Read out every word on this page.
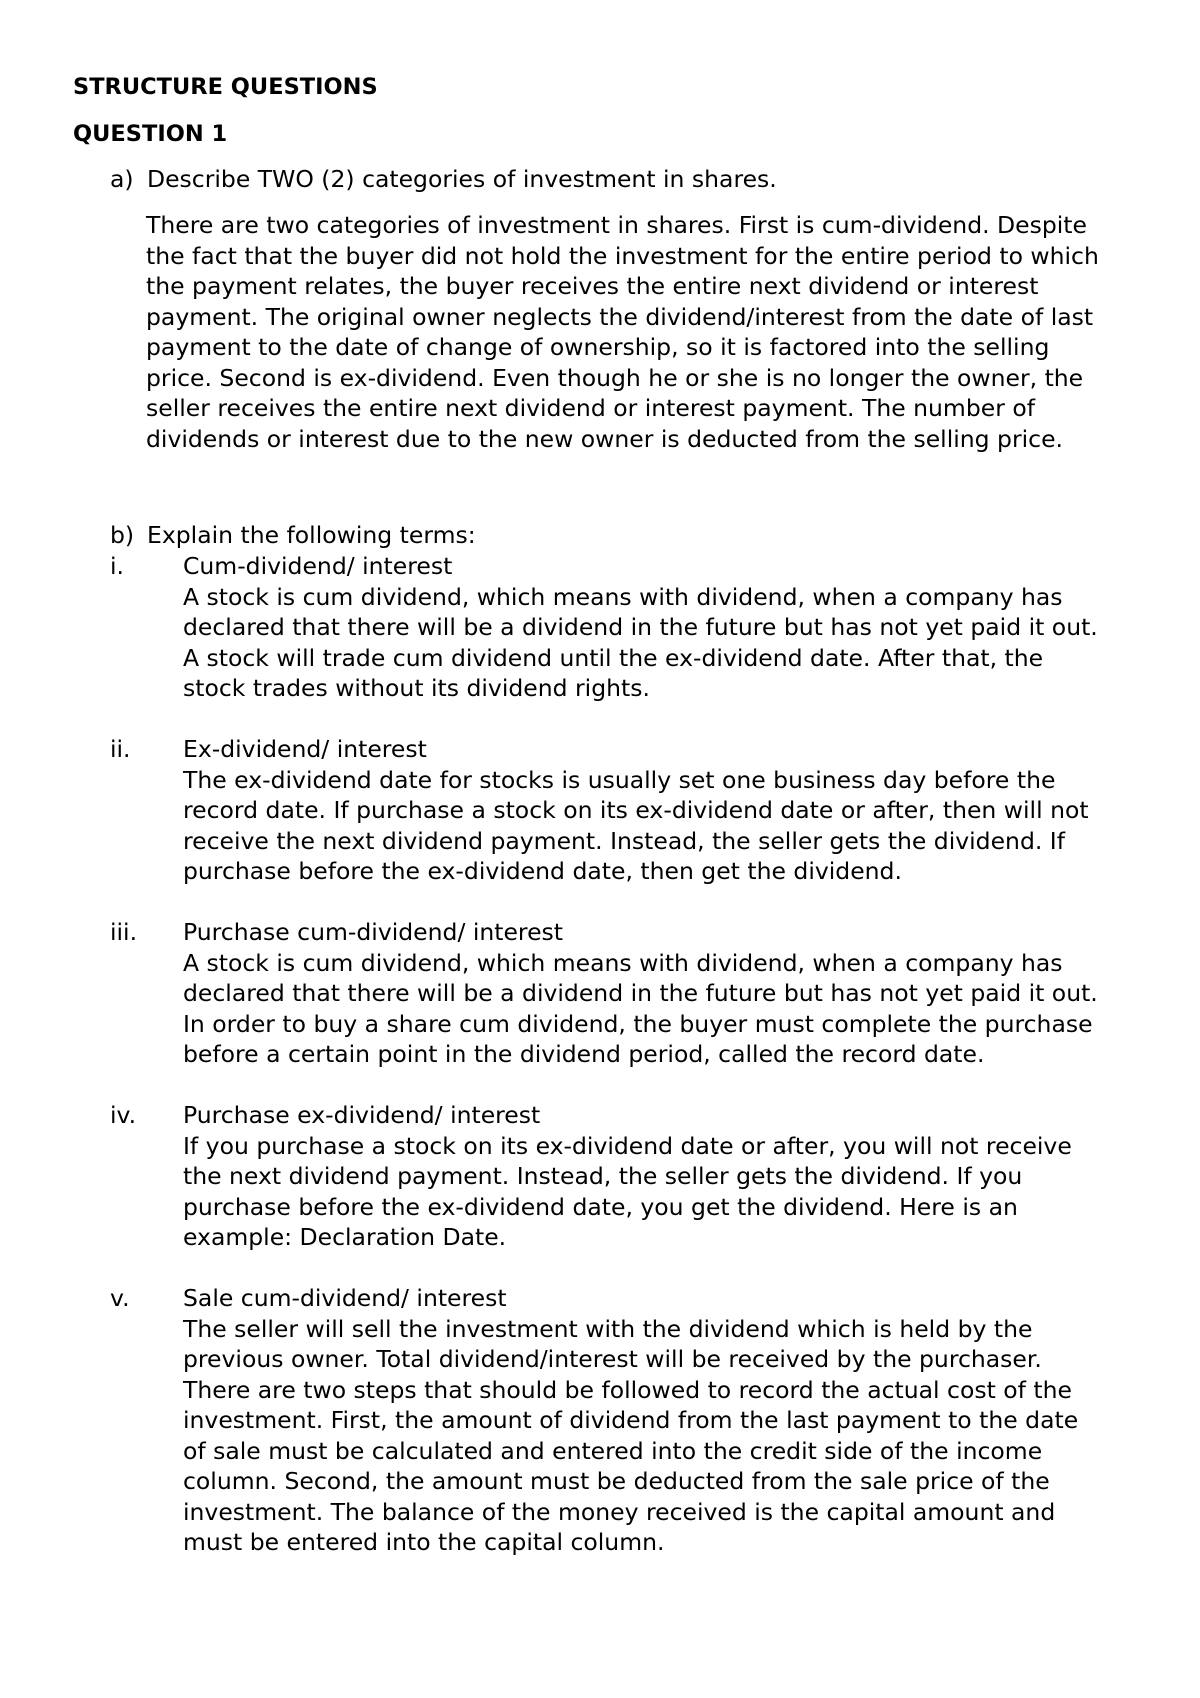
STRUCTURE QUESTIONS
QUESTION 1
a) Describe TWO (2) categories of investment in shares.
There are two categories of investment in shares. First is cum-dividend. Despite
the fact that the buyer did not hold the investment for the entire period to which
the payment relates, the buyer receives the entire next dividend or interest
payment. The original owner neglects the dividend/interest from the date of last
payment to the date of change of ownership, so it is factored into the selling
price. Second is ex-dividend. Even though he or she is no longer the owner, the
seller receives the entire next dividend or interest payment. The number of
dividends or interest due to the new owner is deducted from the selling price.
b) Explain the following terms:
i.	Cum-dividend/ interest
A stock is cum dividend, which means with dividend, when a company has
declared that there will be a dividend in the future but has not yet paid it out.
A stock will trade cum dividend until the ex-dividend date. After that, the
stock trades without its dividend rights.
ii. Ex-dividend/ interest
The ex-dividend date for stocks is usually set one business day before the
record date. If purchase a stock on its ex-dividend date or after, then will not
receive the next dividend payment. Instead, the seller gets the dividend. If
purchase before the ex-dividend date, then get the dividend.
iii. Purchase cum-dividend/ interest
A stock is cum dividend, which means with dividend, when a company has
declared that there will be a dividend in the future but has not yet paid it out.
In order to buy a share cum dividend, the buyer must complete the purchase
before a certain point in the dividend period, called the record date.
iv. Purchase ex-dividend/ interest
If you purchase a stock on its ex-dividend date or after, you will not receive
the next dividend payment. Instead, the seller gets the dividend. If you
purchase before the ex-dividend date, you get the dividend. Here is an
example: Declaration Date.
v. Sale cum-dividend/ interest
The seller will sell the investment with the dividend which is held by the
previous owner. Total dividend/interest will be received by the purchaser.
There are two steps that should be followed to record the actual cost of the
investment. First, the amount of dividend from the last payment to the date
of sale must be calculated and entered into the credit side of the income
column. Second, the amount must be deducted from the sale price of the
investment. The balance of the money received is the capital amount and
must be entered into the capital column.
